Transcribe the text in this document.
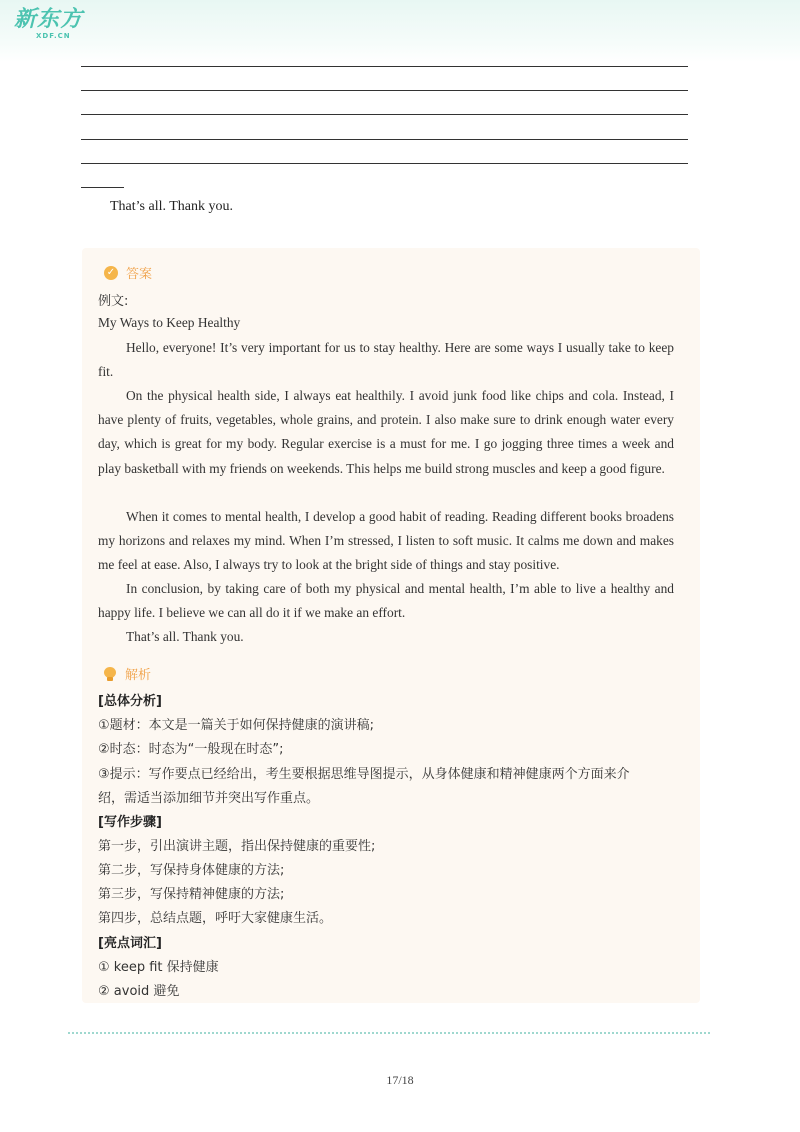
新东方
XDF.CN
That’s all. Thank you.
✓ 答案
例文:
My Ways to Keep Healthy
Hello, everyone! It’s very important for us to stay healthy. Here are some ways I usually take to keep fit.
On the physical health side, I always eat healthily. I avoid junk food like chips and cola. Instead, I have plenty of fruits, vegetables, whole grains, and protein. I also make sure to drink enough water every day, which is great for my body. Regular exercise is a must for me. I go jogging three times a week and play basketball with my friends on weekends. This helps me build strong muscles and keep a good figure.
When it comes to mental health, I develop a good habit of reading. Reading different books broadens my horizons and relaxes my mind. When I’m stressed, I listen to soft music. It calms me down and makes me feel at ease. Also, I always try to look at the bright side of things and stay positive.
In conclusion, by taking care of both my physical and mental health, I’m able to live a healthy and happy life. I believe we can all do it if we make an effort.
That’s all. Thank you.
解析
[总体分析]
①题材：本文是一篇关于如何保持健康的演讲稿;
②时态：时态为“一般现在时态”;
③提示：写作要点已经给出，考生要根据思维导图提示，从身体健康和精神健康两个方面来介
绍，需适当添加细节并突出写作重点。
[写作步骤]
第一步，引出演讲主题，指出保持健康的重要性;
第二步，写保持身体健康的方法;
第三步，写保持精神健康的方法;
第四步，总结点题，呼吁大家健康生活。
[亮点词汇]
① keep fit 保持健康
② avoid 避免
17/18
